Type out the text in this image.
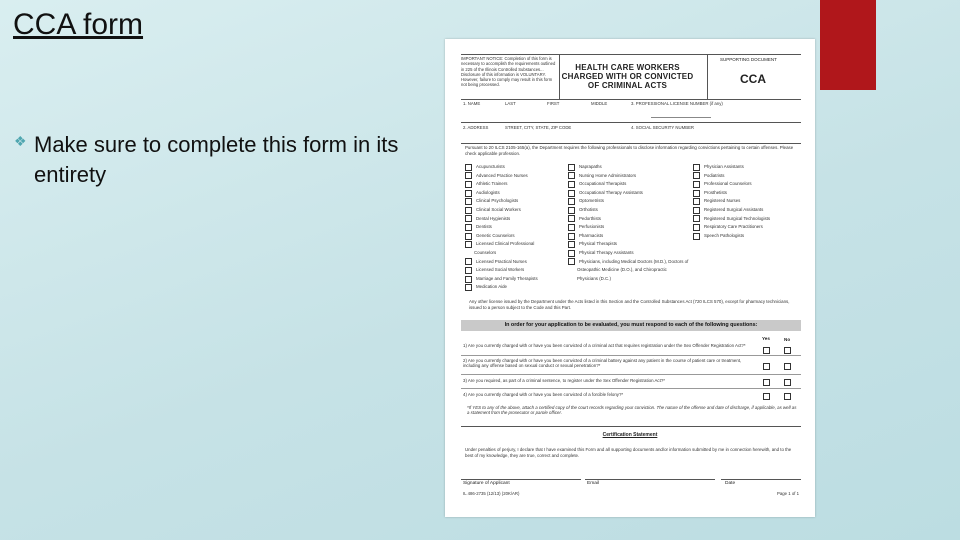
CCA form
❖ Make sure to complete this form in its entirety
IMPORTANT NOTICE: Completion of this form is necessary to accomplish the requirements outlined in 225 of the Illinois Controlled Substances... Disclosure of this information is VOLUNTARY. However, failure to comply may result in this form not being processed.
HEALTH CARE WORKERS
CHARGED WITH OR CONVICTED
OF CRIMINAL ACTS
SUPPORTING DOCUMENT
CCA
1. NAME	LAST	FIRST	MIDDLE	3. PROFESSIONAL LICENSE NUMBER (if any)
2. ADDRESS	STREET, CITY, STATE, ZIP CODE	4. SOCIAL SECURITY NUMBER
Pursuant to 20 ILCS 2105-165(a), the Department requires the following professionals to disclose information regarding convictions pertaining to certain offenses. Please check applicable profession.
Acupuncturists
Advanced Practice Nurses
Athletic Trainers
Audiologists
Clinical Psychologists
Clinical Social Workers
Dental Hygienists
Dentists
Genetic Counselors
Licensed Clinical Professional
Counselors
Licensed Practical Nurses
Licensed Social Workers
Marriage and Family Therapists
Medication Aide
Naprapaths
Nursing Home Administrators
Occupational Therapists
Occupational Therapy Assistants
Optometrists
Orthotists
Pedorthists
Perfusionists
Pharmacists
Physical Therapists
Physical Therapy Assistants
Physicians, including Medical Doctors (M.D.), Doctors of
Osteopathic Medicine (D.O.), and Chiropractic
Physicians (D.C.)
Physician Assistants
Podiatrists
Professional Counselors
Prosthetists
Registered Nurses
Registered Surgical Assistants
Registered Surgical Technologists
Respiratory Care Practitioners
Speech Pathologists
Any other license issued by the Department under the Acts listed in this Section and the Controlled Substances Act (720 ILCS 570), except for pharmacy technicians, issued to a person subject to the Code and this Part.
In order for your application to be evaluated, you must respond to each of the following questions:
Yes	No
1) Are you currently charged with or have you been convicted of a criminal act that requires registration under the Sex Offender Registration Act?*
2) Are you currently charged with or have you been convicted of a criminal battery against any patient in the course of patient care or treatment, including any offense based on sexual conduct or sexual penetration?*
3) Are you required, as part of a criminal sentence, to register under the Sex Offender Registration Act?*
4) Are you currently charged with or have you been convicted of a forcible felony?*
*If YES to any of the above, attach a certified copy of the court records regarding your conviction. The nature of the offense and date of discharge, if applicable, as well as a statement from the prosecutor or parole officer.
Certification Statement
Under penalties of perjury, I declare that I have examined this Form and all supporting documents and/or information submitted by me in connection herewith, and to the best of my knowledge, they are true, correct and complete.
Signature of Applicant	Email	Date
IL 486-2735 (12/13) (20K/AR)	Page 1 of 1
